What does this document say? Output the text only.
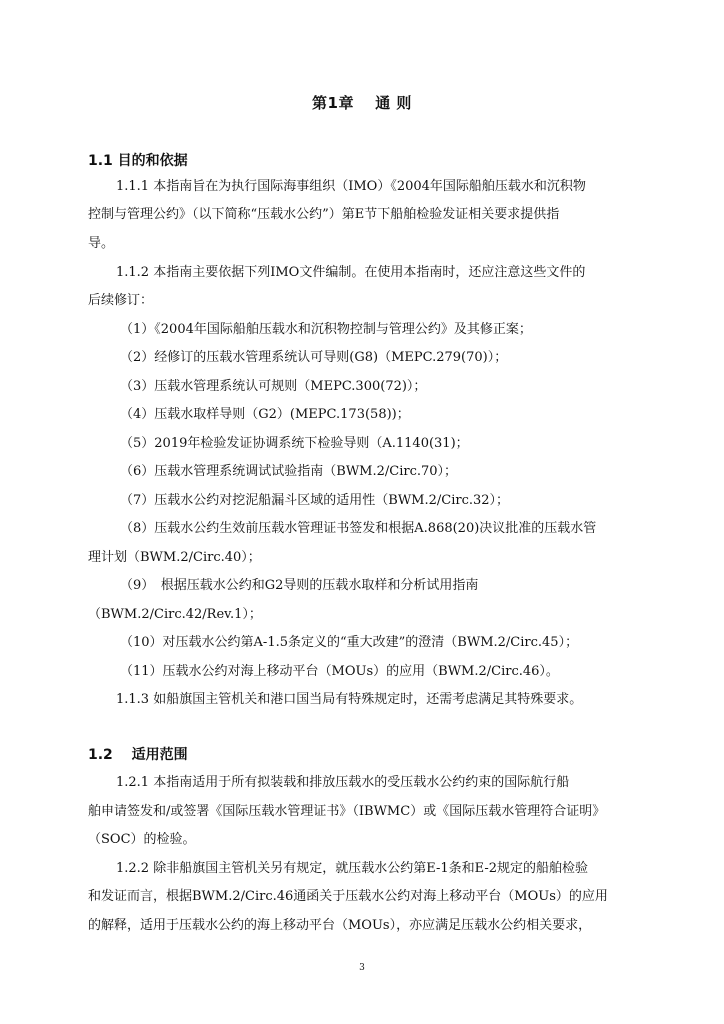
第1章　 通 则
1.1 目的和依据
1.1.1 本指南旨在为执行国际海事组织（IMO）《2004年国际船舶压载水和沉积物
控制与管理公约》（以下简称“压载水公约”）第E节下船舶检验发证相关要求提供指
导。
1.1.2 本指南主要依据下列IMO文件编制。在使用本指南时，还应注意这些文件的
后续修订：
（1）《2004年国际船舶压载水和沉积物控制与管理公约》及其修正案；
（2）经修订的压载水管理系统认可导则(G8)（MEPC.279(70)）；
（3）压载水管理系统认可规则（MEPC.300(72)）；
（4）压载水取样导则（G2）(MEPC.173(58))；
（5）2019年检验发证协调系统下检验导则（A.1140(31)；
（6）压载水管理系统调试试验指南（BWM.2/Circ.70）；
（7）压载水公约对挖泥船漏斗区域的适用性（BWM.2/Circ.32）；
（8）压载水公约生效前压载水管理证书签发和根据A.868(20)决议批准的压载水管
理计划（BWM.2/Circ.40）；
（9）　根据压载水公约和G2导则的压载水取样和分析试用指南
（BWM.2/Circ.42/Rev.1）；
（10）对压载水公约第A-1.5条定义的“重大改建”的澄清（BWM.2/Circ.45）；
（11）压载水公约对海上移动平台（MOUs）的应用（BWM.2/Circ.46）。
1.1.3 如船旗国主管机关和港口国当局有特殊规定时，还需考虑满足其特殊要求。
1.2　 适用范围
1.2.1 本指南适用于所有拟装载和排放压载水的受压载水公约约束的国际航行船
舶申请签发和/或签署《国际压载水管理证书》（IBWMC）或《国际压载水管理符合证明》
（SOC）的检验。
1.2.2 除非船旗国主管机关另有规定，就压载水公约第E-1条和E-2规定的船舶检验
和发证而言，根据BWM.2/Circ.46通函关于压载水公约对海上移动平台（MOUs）的应用
的解释，适用于压载水公约的海上移动平台（MOUs），亦应满足压载水公约相关要求，
3
